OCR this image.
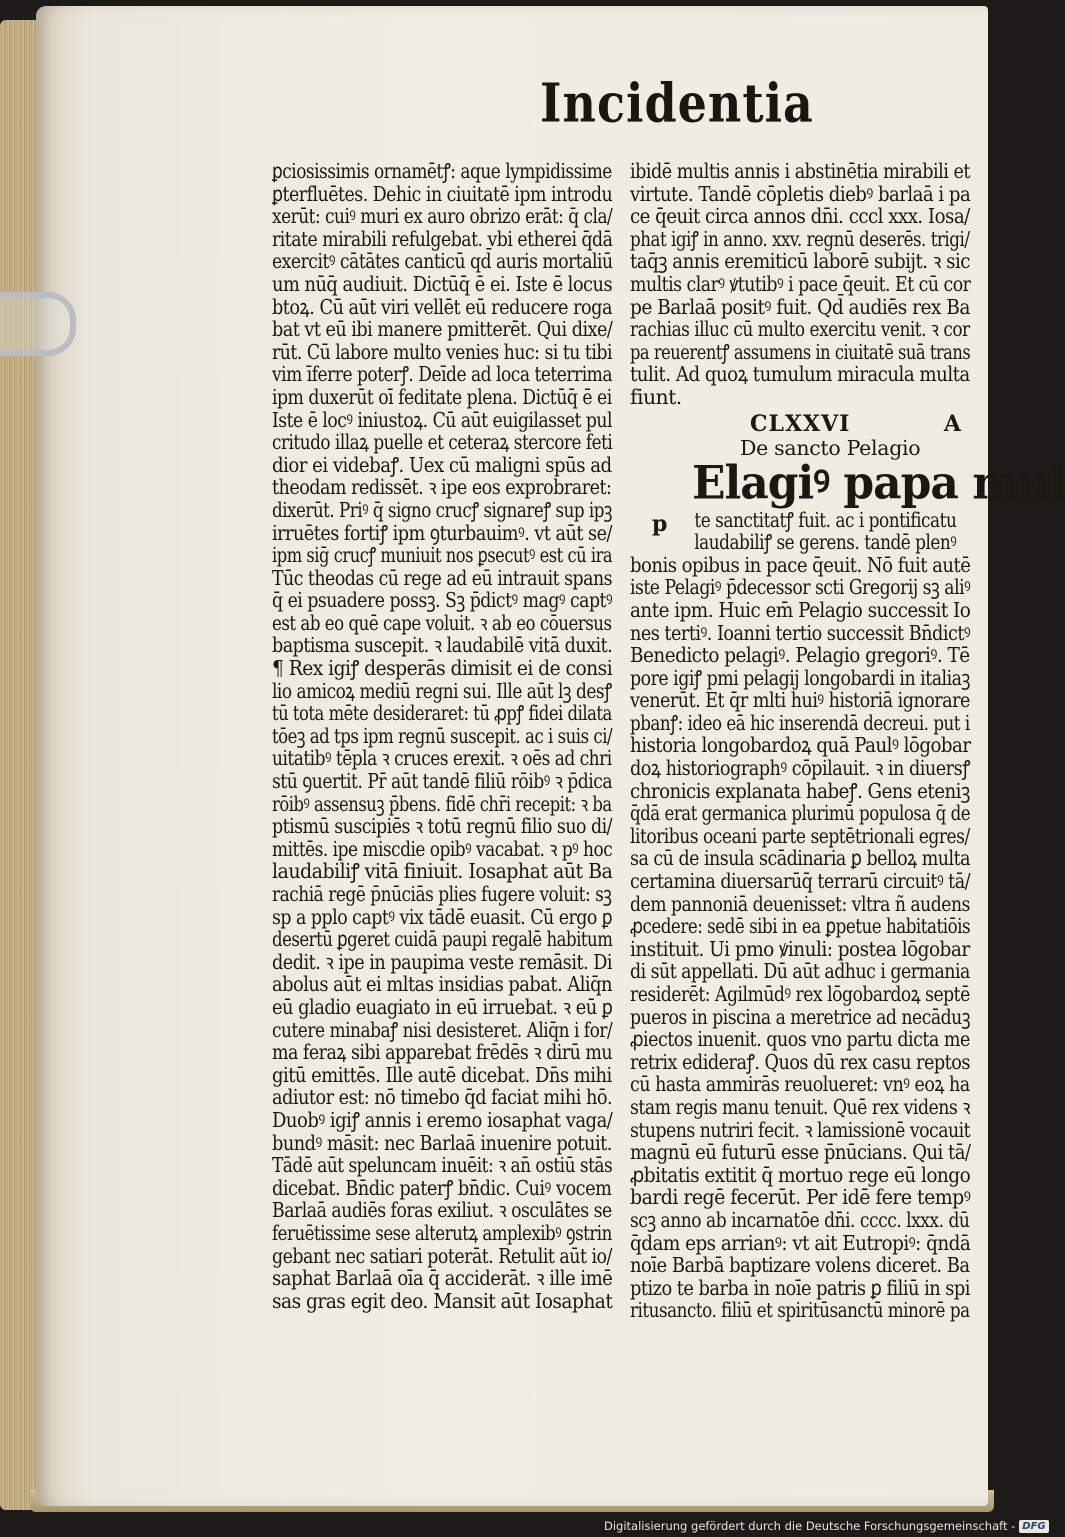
Incidentia
ꝑciosissimis ornamētꝭ: aque lympidissime
ꝑterfluētes. Dehic in ciuitatē ipm introdu
xerūt: cuiꝰ muri ex auro obrizo erāt: q̄ cla/
ritate mirabili refulgebat. vbi etherei q̄dā
exercitꝰ cātātes canticū qd̄ auris mortaliū
um nūq̄ audiuit. Dictūq̄ ē ei. Iste ē locus
btoꝝ. Cū aūt viri vellēt eū reducere roga
bat vt eū ibi manere pmitterēt. Qui dixe/
rūt. Cū labore multo venies huc: si tu tibi
vim īferre poterꝭ. Deīde ad loca teterrima
ipm duxerūt oī feditate plena. Dictūq̄ ē ei
Iste ē locꝰ iniustoꝝ. Cū aūt euigilasset pul
critudo illaꝝ puelle et ceteraꝝ stercore feti
dior ei videbaꝭ. Uex cū maligni spūs ad
theodam redissēt. ꝛ ipe eos exprobraret:
dixerūt. Priꝰ q̄ signo crucꝭ signareꝭ sup ipꝫ
irruētes fortiꝭ ipm ꝯturbauimꝰ. vt aūt se/
ipm siḡ crucꝭ muniuit nos ꝑsecutꝰ est cū ira
Tūc theodas cū rege ad eū intrauit spans
q̄ ei psuadere possꝫ. Sꝫ p̄dictꝰ magꝰ captꝰ
est ab eo quē cape voluit. ꝛ ab eo cōuersus
baptisma suscepit. ꝛ laudabilē vitā duxit.
¶ Rex igiꝭ desperās dimisit ei de consi
lio amicoꝝ mediū regni sui. Ille aūt lꝫ desꝭ
tū tota mēte desideraret: tū ꝓpꝭ fidei dilata
tōeꝫ ad tps ipm regnū suscepit. ac i suis ci/
uitatibꝰ tēpla ꝛ cruces erexit. ꝛ oēs ad chri
stū ꝯuertit. Pr̄ aūt tandē filiū rōibꝰ ꝛ p̄dica
rōibꝰ assensuꝫ p̄bens. fidē chr̄i recepit: ꝛ ba
ptismū suscipiēs ꝛ totū regnū filio suo di/
mittēs. ipe miscdie opibꝰ vacabat. ꝛ pꝰ hoc
laudabiliꝭ vitā finiuit. Iosaphat aūt Ba
rachiā regē p̄nūciās plies fugere voluit: sꝫ
sp a pplo captꝰ vix tādē euasit. Cū ergo ꝑ
desertū ꝑgeret cuidā paupi regalē habitum
dedit. ꝛ ipe in paupima veste remāsit. Di
abolus aūt ei mltas insidias pabat. Aliq̄n
eū gladio euagiato in eū irruebat. ꝛ eū ꝑ
cutere minabaꝭ nisi desisteret. Aliq̄n i for/
ma feraꝝ sibi apparebat frēdēs ꝛ dirū mu
gitū emittēs. Ille autē dicebat. Dn̄s mihi
adiutor est: nō timebo q̄d faciat mihi hō.
Duobꝰ igiꝭ annis i eremo iosaphat vaga/
bundꝰ māsit: nec Barlaā inuenire potuit.
Tādē aūt speluncam inuēit: ꝛ an̄ ostiū stās
dicebat. Bn̄dic paterꝭ bn̄dic. Cuiꝰ vocem
Barlaā audiēs foras exiliut. ꝛ osculātes se
feruētissime sese alterutꝝ amplexibꝰ ꝯstrin
gebant nec satiari poterāt. Retulit aūt io/
saphat Barlaā oīa q̄ acciderāt. ꝛ ille imē
sas gras egit deo. Mansit aūt Iosaphat
ibidē multis annis i abstinētia mirabili et
virtute. Tandē cōpletis diebꝰ barlaā i pa
ce q̄euit circa annos dn̄i. cccl xxx. Iosa/
phat igiꝭ in anno. xxv. regnū deserēs. trigi/
taq̄ꝫ annis eremiticū laborē subijt. ꝛ sic
multis clarꝰ ꝟtutibꝰ i pace q̄euit. Et cū cor
pe Barlaā positꝰ fuit. Qd̄ audiēs rex Ba
rachias illuc cū multo exercitu venit. ꝛ cor
pa reuerentꝭ assumens in ciuitatē suā trans
tulit. Ad quoꝝ tumulum miracula multa
fiunt.
CLXXVI	A
De sancto Pelagio
Elagiꝰ papa mul
p	te sanctitatꝭ fuit. ac i pontificatu
laudabiliꝭ se gerens. tandē plenꝰ
bonis opibus in pace q̄euit. Nō fuit autē
iste Pelagiꝰ p̄decessor scti Gregorij sꝫ aliꝰ
ante ipm. Huic em̄ Pelagio successit Io
nes tertiꝰ. Ioanni tertio successit Bn̄dictꝰ
Benedicto pelagiꝰ. Pelagio gregoriꝰ. Tē
pore igiꝭ pmi pelagij longobardi in italiaꝫ
venerūt. Et q̄r mlti huiꝰ historiā ignorare
pbanꝭ: ideo eā hic inserendā decreui. put i
historia longobardoꝝ quā Paulꝰ lōgobar
doꝝ historiographꝰ cōpilauit. ꝛ in diuersꝭ
chronicis explanata habeꝭ. Gens eteniꝫ
q̄dā erat germanica plurimū populosa q̄ de
litoribus oceani parte septētrionali egres/
sa cū de insula scādinaria ꝑ belloꝝ multa
certamina diuersarūq̄ terrarū circuitꝰ tā/
dem pannoniā deuenisset: vltra ñ audens
ꝓcedere: sedē sibi in ea ꝑpetue habitatiōis
instituit. Ui pmo ꝟinuli: postea lōgobar
di sūt appellati. Dū aūt adhuc i germania
residerēt: Agilmūdꝰ rex lōgobardoꝝ septē
pueros in piscina a meretrice ad necāduꝫ
ꝓiectos inuenit. quos vno partu dicta me
retrix edideraꝭ. Quos dū rex casu reptos
cū hasta ammirās reuolueret: vnꝰ eoꝝ ha
stam regis manu tenuit. Quē rex videns ꝛ
stupens nutriri fecit. ꝛ lamissionē vocauit
magnū eū futurū esse p̄nūcians. Qui tā/
ꝓbitatis extitit q̄ mortuo rege eū longo
bardi regē fecerūt. Per idē fere tempꝰ
scꝫ anno ab incarnatōe dn̄i. cccc. lxxx. dū
q̄dam eps arrianꝰ: vt ait Eutropiꝰ: q̄ndā
noīe Barbā baptizare volens diceret. Ba
ptizo te barba in noīe patris ꝑ filiū in spi
ritusancto. filiū et spiritūsanctū minorē pa
Digitalisierung gefördert durch die Deutsche Forschungsgemeinschaft - DFG
